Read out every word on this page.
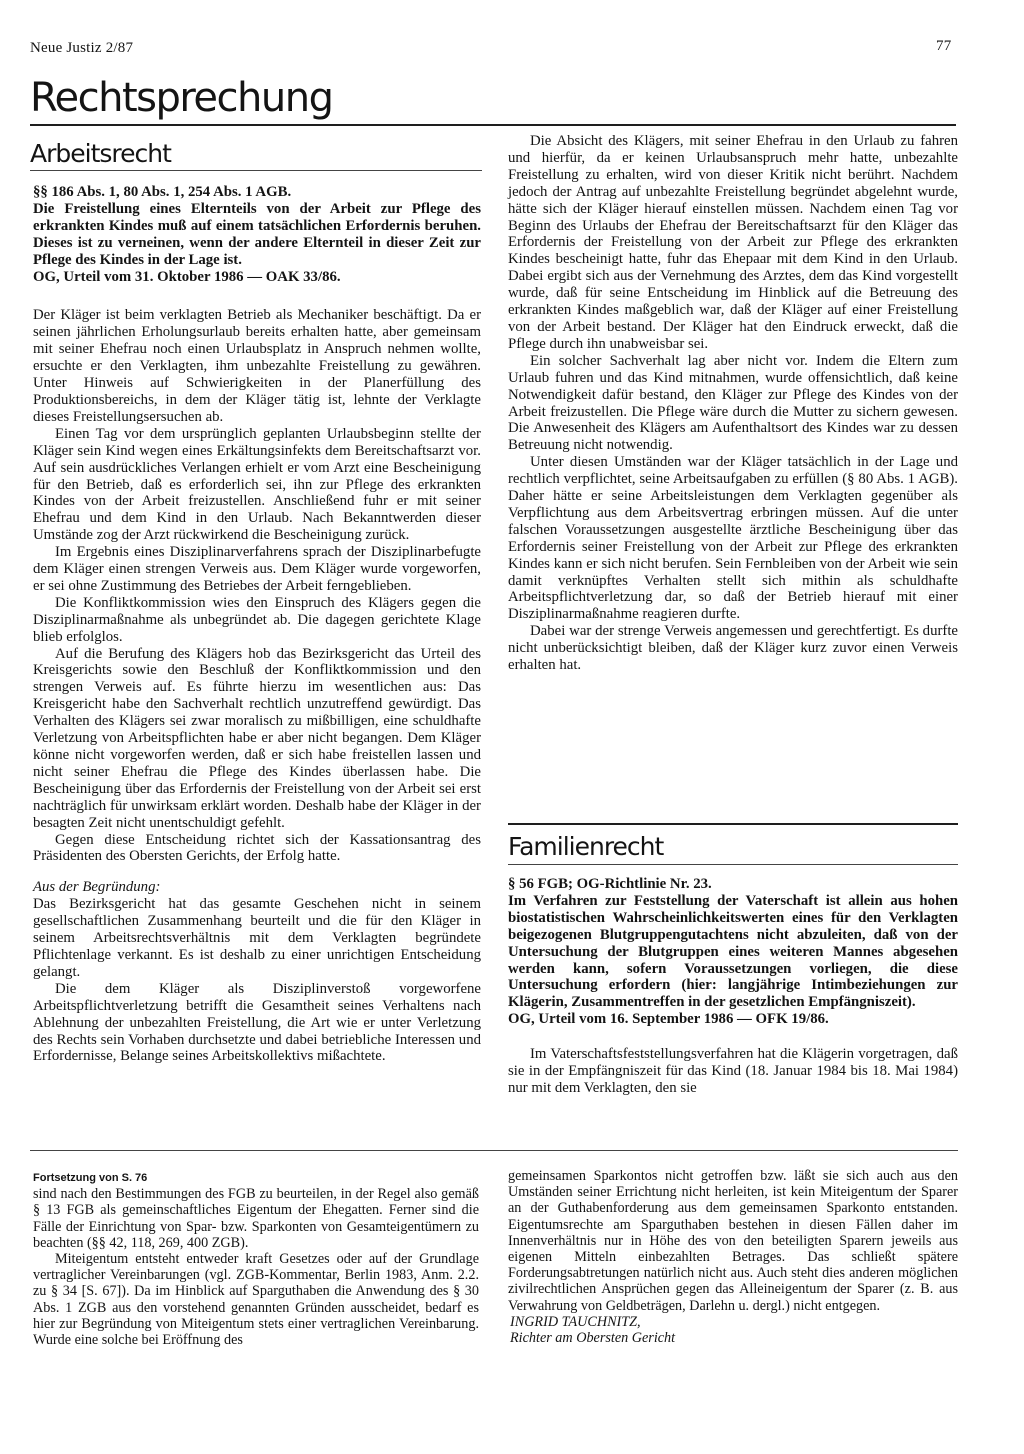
Neue Justiz 2/87	77
Rechtsprechung
Arbeitsrecht

§§ 186 Abs. 1, 80 Abs. 1, 254 Abs. 1 AGB.

Die Freistellung eines Elternteils von der Arbeit zur Pflege des erkrankten Kindes muß auf einem tatsächlichen Erfordernis beruhen. Dieses ist zu verneinen, wenn der andere Elternteil in dieser Zeit zur Pflege des Kindes in der Lage ist.

OG, Urteil vom 31. Oktober 1986 — OAK 33/86.

Der Kläger ist beim verklagten Betrieb als Mechaniker beschäftigt. Da er seinen jährlichen Erholungsurlaub bereits erhalten hatte, aber gemeinsam mit seiner Ehefrau noch einen Urlaubsplatz in Anspruch nehmen wollte, ersuchte er den Verklagten, ihm unbezahlte Freistellung zu gewähren. Unter Hinweis auf Schwierigkeiten in der Planerfüllung des Produktionsbereichs, in dem der Kläger tätig ist, lehnte der Verklagte dieses Freistellungsersuchen ab.

Einen Tag vor dem ursprünglich geplanten Urlaubsbeginn stellte der Kläger sein Kind wegen eines Erkältungsinfekts dem Bereitschaftsarzt vor. Auf sein ausdrückliches Verlangen erhielt er vom Arzt eine Bescheinigung für den Betrieb, daß es erforderlich sei, ihn zur Pflege des erkrankten Kindes von der Arbeit freizustellen. Anschließend fuhr er mit seiner Ehefrau und dem Kind in den Urlaub. Nach Bekanntwerden dieser Umstände zog der Arzt rückwirkend die Bescheinigung zurück.

Im Ergebnis eines Disziplinarverfahrens sprach der Disziplinarbefugte dem Kläger einen strengen Verweis aus. Dem Kläger wurde vorgeworfen, er sei ohne Zustimmung des Betriebes der Arbeit ferngeblieben.

Die Konfliktkommission wies den Einspruch des Klägers gegen die Disziplinarmaßnahme als unbegründet ab. Die dagegen gerichtete Klage blieb erfolglos.

Auf die Berufung des Klägers hob das Bezirksgericht das Urteil des Kreisgerichts sowie den Beschluß der Konfliktkommission und den strengen Verweis auf. Es führte hierzu im wesentlichen aus: Das Kreisgericht habe den Sachverhalt rechtlich unzutreffend gewürdigt. Das Verhalten des Klägers sei zwar moralisch zu mißbilligen, eine schuldhafte Verletzung von Arbeitspflichten habe er aber nicht begangen. Dem Kläger könne nicht vorgeworfen werden, daß er sich habe freistellen lassen und nicht seiner Ehefrau die Pflege des Kindes überlassen habe. Die Bescheinigung über das Erfordernis der Freistellung von der Arbeit sei erst nachträglich für unwirksam erklärt worden. Deshalb habe der Kläger in der besagten Zeit nicht unentschuldigt gefehlt.

Gegen diese Entscheidung richtet sich der Kassationsantrag des Präsidenten des Obersten Gerichts, der Erfolg hatte.

Aus der Begründung:

Das Bezirksgericht hat das gesamte Geschehen nicht in seinem gesellschaftlichen Zusammenhang beurteilt und die für den Kläger in seinem Arbeitsrechtsverhältnis mit dem Verklagten begründete Pflichtenlage verkannt. Es ist deshalb zu einer unrichtigen Entscheidung gelangt.

Die dem Kläger als Disziplinverstoß vorgeworfene Arbeitspflichtverletzung betrifft die Gesamtheit seines Verhaltens nach Ablehnung der unbezahlten Freistellung, die Art wie er unter Verletzung des Rechts sein Vorhaben durchsetzte und dabei betriebliche Interessen und Erfordernisse, Belange seines Arbeitskollektivs mißachtete.

Die Absicht des Klägers, mit seiner Ehefrau in den Urlaub zu fahren und hierfür, da er keinen Urlaubsanspruch mehr hatte, unbezahlte Freistellung zu erhalten, wird von dieser Kritik nicht berührt. Nachdem jedoch der Antrag auf unbezahlte Freistellung begründet abgelehnt wurde, hätte sich der Kläger hierauf einstellen müssen. Nachdem einen Tag vor Beginn des Urlaubs der Ehefrau der Bereitschaftsarzt für den Kläger das Erfordernis der Freistellung von der Arbeit zur Pflege des erkrankten Kindes bescheinigt hatte, fuhr das Ehepaar mit dem Kind in den Urlaub. Dabei ergibt sich aus der Vernehmung des Arztes, dem das Kind vorgestellt wurde, daß für seine Entscheidung im Hinblick auf die Betreuung des erkrankten Kindes maßgeblich war, daß der Kläger auf einer Freistellung von der Arbeit bestand. Der Kläger hat den Eindruck erweckt, daß die Pflege durch ihn unabweisbar sei.

Ein solcher Sachverhalt lag aber nicht vor. Indem die Eltern zum Urlaub fuhren und das Kind mitnahmen, wurde offensichtlich, daß keine Notwendigkeit dafür bestand, den Kläger zur Pflege des Kindes von der Arbeit freizustellen. Die Pflege wäre durch die Mutter zu sichern gewesen. Die Anwesenheit des Klägers am Aufenthaltsort des Kindes war zu dessen Betreuung nicht notwendig.

Unter diesen Umständen war der Kläger tatsächlich in der Lage und rechtlich verpflichtet, seine Arbeitsaufgaben zu erfüllen (§ 80 Abs. 1 AGB). Daher hätte er seine Arbeitsleistungen dem Verklagten gegenüber als Verpflichtung aus dem Arbeitsvertrag erbringen müssen. Auf die unter falschen Voraussetzungen ausgestellte ärztliche Bescheinigung über das Erfordernis seiner Freistellung von der Arbeit zur Pflege des erkrankten Kindes kann er sich nicht berufen. Sein Fernbleiben von der Arbeit wie sein damit verknüpftes Verhalten stellt sich mithin als schuldhafte Arbeitspflichtverletzung dar, so daß der Betrieb hierauf mit einer Disziplinarmaßnahme reagieren durfte.

Dabei war der strenge Verweis angemessen und gerechtfertigt. Es durfte nicht unberücksichtigt bleiben, daß der Kläger kurz zuvor einen Verweis erhalten hat.

Familienrecht

§ 56 FGB; OG-Richtlinie Nr. 23.

Im Verfahren zur Feststellung der Vaterschaft ist allein aus hohen biostatistischen Wahrscheinlichkeitswerten eines für den Verklagten beigezogenen Blutgruppengutachtens nicht abzuleiten, daß von der Untersuchung der Blutgruppen eines weiteren Mannes abgesehen werden kann, sofern Voraussetzungen vorliegen, die diese Untersuchung erfordern (hier: langjährige Intimbeziehungen zur Klägerin, Zusammentreffen in der gesetzlichen Empfängniszeit).

OG, Urteil vom 16. September 1986 — OFK 19/86.

Im Vaterschaftsfeststellungsverfahren hat die Klägerin vorgetragen, daß sie in der Empfängniszeit für das Kind (18. Januar 1984 bis 18. Mai 1984) nur mit dem Verklagten, den sie

Fortsetzung von S. 76

sind nach den Bestimmungen des FGB zu beurteilen, in der Regel also gemäß § 13 FGB als gemeinschaftliches Eigentum der Ehegatten. Ferner sind die Fälle der Einrichtung von Spar- bzw. Sparkonten von Gesamteigentümern zu beachten (§§ 42, 118, 269, 400 ZGB).

Miteigentum entsteht entweder kraft Gesetzes oder auf der Grundlage vertraglicher Vereinbarungen (vgl. ZGB-Kommentar, Berlin 1983, Anm. 2.2. zu § 34 [S. 67]). Da im Hinblick auf Sparguthaben die Anwendung des § 30 Abs. 1 ZGB aus den vorstehend genannten Gründen ausscheidet, bedarf es hier zur Begründung von Miteigentum stets einer vertraglichen Vereinbarung. Wurde eine solche bei Eröffnung des

gemeinsamen Sparkontos nicht getroffen bzw. läßt sie sich auch aus den Umständen seiner Errichtung nicht herleiten, ist kein Miteigentum der Sparer an der Guthabenforderung aus dem gemeinsamen Sparkonto entstanden. Eigentumsrechte am Sparguthaben bestehen in diesen Fällen daher im Innenverhältnis nur in Höhe des von den beteiligten Sparern jeweils aus eigenen Mitteln einbezahlten Betrages. Das schließt spätere Forderungsabtretungen natürlich nicht aus. Auch steht dies anderen möglichen zivilrechtlichen Ansprüchen gegen das Alleineigentum der Sparer (z. B. aus Verwahrung von Geldbeträgen, Darlehn u. dergl.) nicht entgegen.

INGRID TAUCHNITZ,

Richter am Obersten Gericht
